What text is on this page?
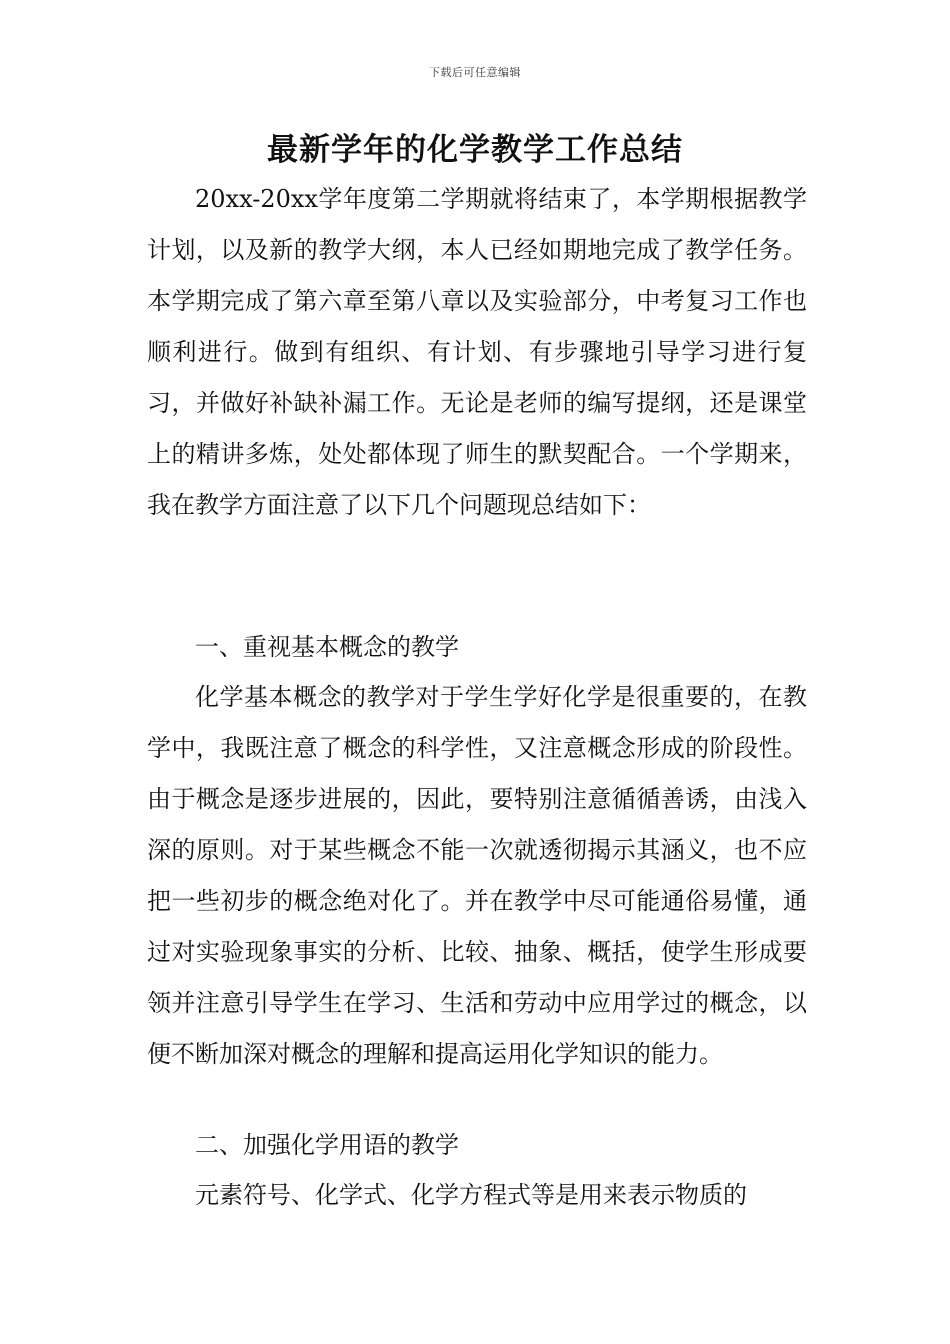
下载后可任意编辑
最新学年的化学教学工作总结

20xx-20xx学年度第二学期就将结束了，本学期根据教学计划，以及新的教学大纲，本人已经如期地完成了教学任务。本学期完成了第六章至第八章以及实验部分，中考复习工作也顺利进行。做到有组织、有计划、有步骤地引导学习进行复习，并做好补缺补漏工作。无论是老师的编写提纲，还是课堂上的精讲多炼，处处都体现了师生的默契配合。一个学期来，我在教学方面注意了以下几个问题现总结如下：

一、重视基本概念的教学

化学基本概念的教学对于学生学好化学是很重要的，在教学中，我既注意了概念的科学性，又注意概念形成的阶段性。由于概念是逐步进展的，因此，要特别注意循循善诱，由浅入深的原则。对于某些概念不能一次就透彻揭示其涵义，也不应把一些初步的概念绝对化了。并在教学中尽可能通俗易懂，通过对实验现象事实的分析、比较、抽象、概括，使学生形成要领并注意引导学生在学习、生活和劳动中应用学过的概念，以便不断加深对概念的理解和提高运用化学知识的能力。

二、加强化学用语的教学

元素符号、化学式、化学方程式等是用来表示物质的
